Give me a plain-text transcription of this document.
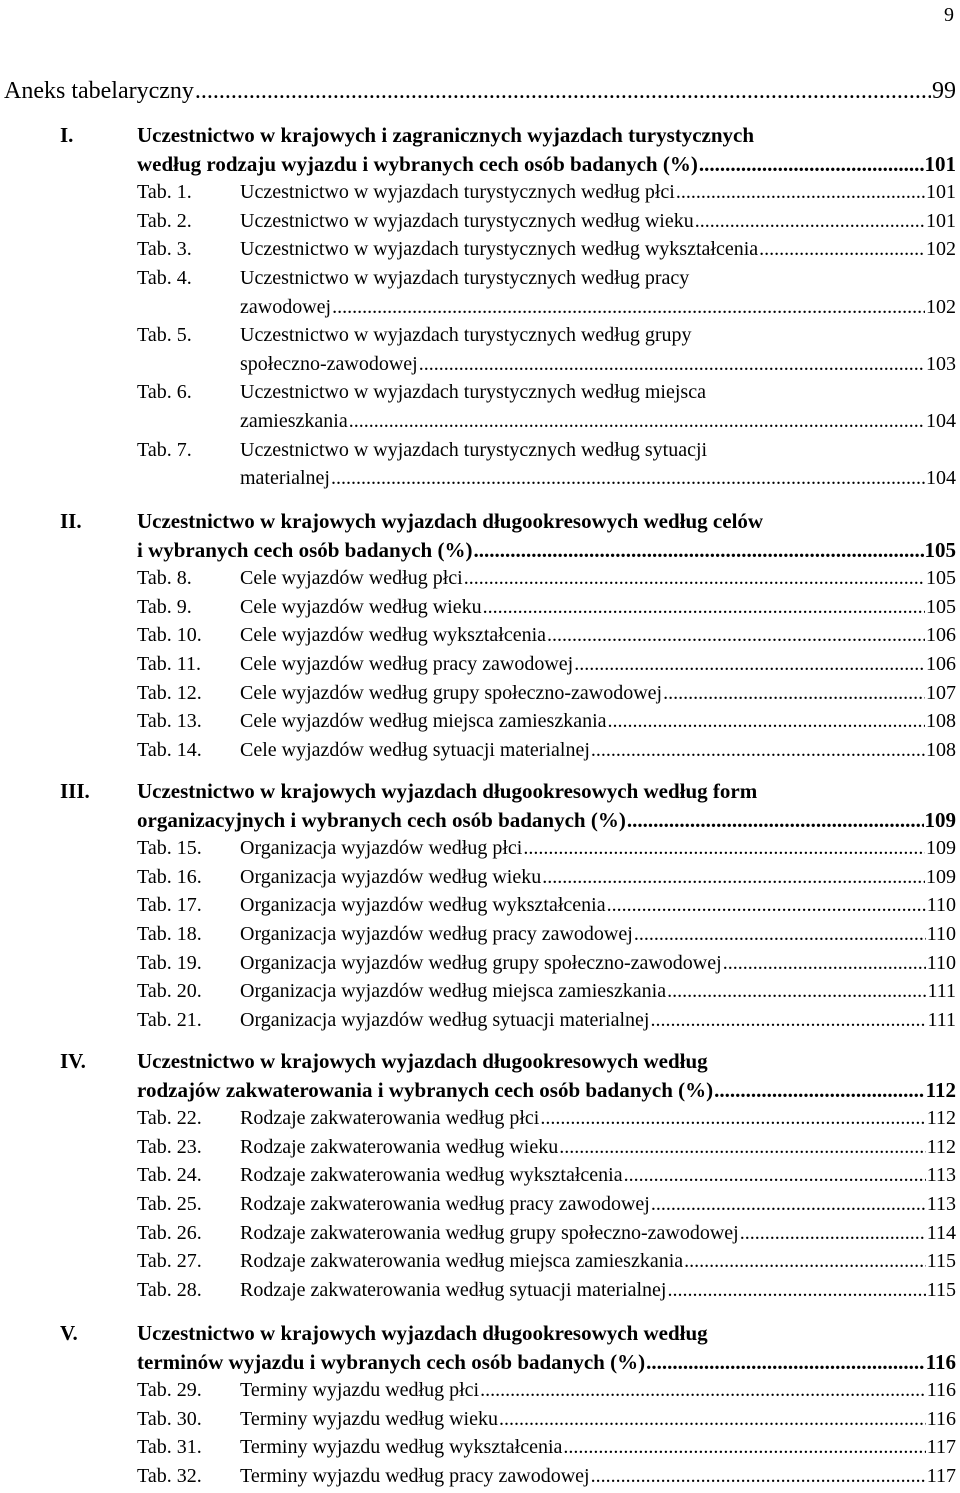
9
Aneks tabelaryczny .....	99
I.	Uczestnictwo w krajowych i zagranicznych wyjazdach turystycznych
według rodzaju wyjazdu i wybranych cech osób badanych (%) .....	101
Tab. 1. Uczestnictwo w wyjazdach turystycznych według płci .....	101
Tab. 2. Uczestnictwo w wyjazdach turystycznych według wieku .....	101
Tab. 3. Uczestnictwo w wyjazdach turystycznych według wykształcenia .....	102
Tab. 4. Uczestnictwo w wyjazdach turystycznych według pracy
zawodowej .....	102
Tab. 5. Uczestnictwo w wyjazdach turystycznych według grupy
społeczno-zawodowej .....	103
Tab. 6. Uczestnictwo w wyjazdach turystycznych według miejsca
zamieszkania .....	104
Tab. 7. Uczestnictwo w wyjazdach turystycznych według sytuacji
materialnej .....	104
II.	Uczestnictwo w krajowych wyjazdach długookresowych według celów
i wybranych cech osób badanych (%) .....	105
Tab. 8. Cele wyjazdów według płci .....	105
Tab. 9. Cele wyjazdów według wieku .....	105
Tab. 10. Cele wyjazdów według wykształcenia .....	106
Tab. 11. Cele wyjazdów według pracy zawodowej .....	106
Tab. 12. Cele wyjazdów według grupy społeczno-zawodowej .....	107
Tab. 13. Cele wyjazdów według miejsca zamieszkania .....	108
Tab. 14. Cele wyjazdów według sytuacji materialnej .....	108
III. Uczestnictwo w krajowych wyjazdach długookresowych według form
organizacyjnych i wybranych cech osób badanych (%) .....	109
Tab. 15. Organizacja wyjazdów według płci .....	109
Tab. 16. Organizacja wyjazdów według wieku .....	109
Tab. 17. Organizacja wyjazdów według wykształcenia .....	110
Tab. 18. Organizacja wyjazdów według pracy zawodowej .....	110
Tab. 19. Organizacja wyjazdów według grupy społeczno-zawodowej .....	110
Tab. 20. Organizacja wyjazdów według miejsca zamieszkania .....	111
Tab. 21. Organizacja wyjazdów według sytuacji materialnej .....	111
IV. Uczestnictwo w krajowych wyjazdach długookresowych według
rodzajów zakwaterowania i wybranych cech osób badanych (%) .....	112
Tab. 22. Rodzaje zakwaterowania według płci .....	112
Tab. 23. Rodzaje zakwaterowania według wieku .....	112
Tab. 24. Rodzaje zakwaterowania według wykształcenia .....	113
Tab. 25. Rodzaje zakwaterowania według pracy zawodowej .....	113
Tab. 26. Rodzaje zakwaterowania według grupy społeczno-zawodowej .....	114
Tab. 27. Rodzaje zakwaterowania według miejsca zamieszkania .....	115
Tab. 28. Rodzaje zakwaterowania według sytuacji materialnej .....	115
V.	Uczestnictwo w krajowych wyjazdach długookresowych według
terminów wyjazdu i wybranych cech osób badanych (%) .....	116
Tab. 29. Terminy wyjazdu według płci .....	116
Tab. 30. Terminy wyjazdu według wieku .....	116
Tab. 31. Terminy wyjazdu według wykształcenia .....	117
Tab. 32. Terminy wyjazdu według pracy zawodowej .....	117
